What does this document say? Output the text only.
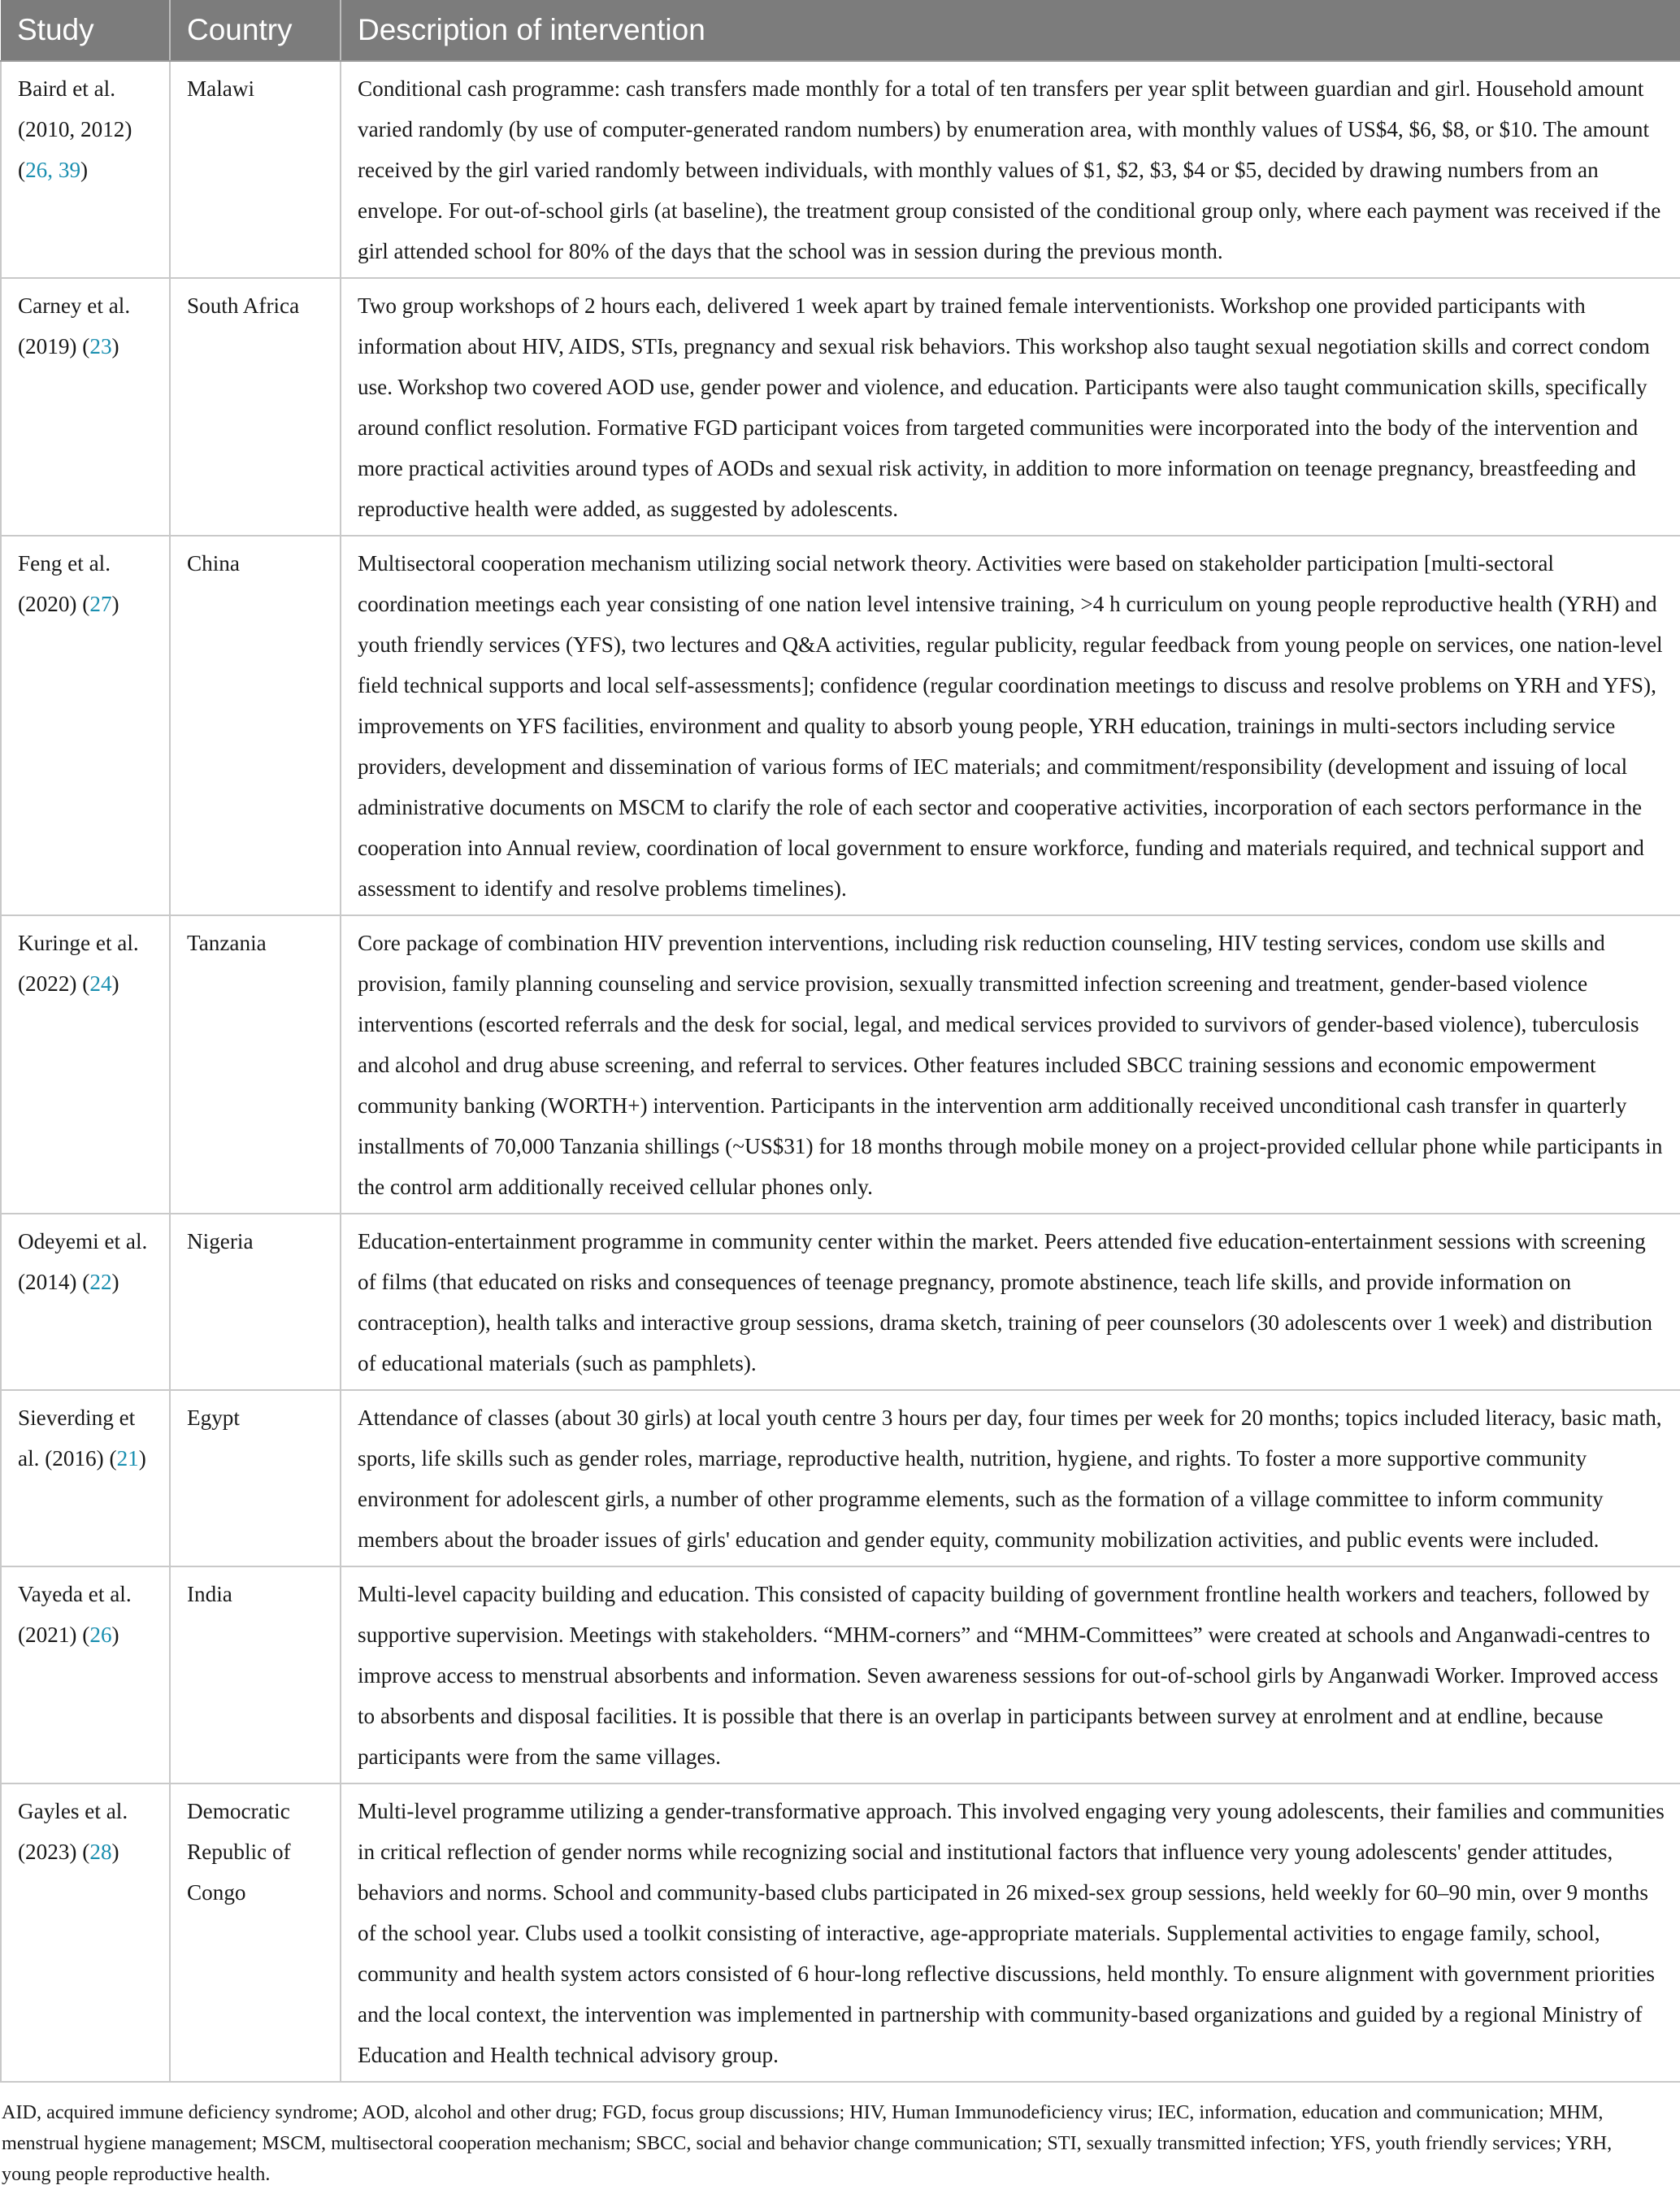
Study	Country	Description of intervention
Baird et al. (2010, 2012) (26, 39)	Malawi	Conditional cash programme: cash transfers made monthly for a total of ten transfers per year split between guardian and girl. Household amount varied randomly (by use of computer-generated random numbers) by enumeration area, with monthly values of US$4, $6, $8, or $10. The amount received by the girl varied randomly between individuals, with monthly values of $1, $2, $3, $4 or $5, decided by drawing numbers from an envelope. For out-of-school girls (at baseline), the treatment group consisted of the conditional group only, where each payment was received if the girl attended school for 80% of the days that the school was in session during the previous month.
Carney et al. (2019) (23)	South Africa	Two group workshops of 2 hours each, delivered 1 week apart by trained female interventionists. Workshop one provided participants with information about HIV, AIDS, STIs, pregnancy and sexual risk behaviors. This workshop also taught sexual negotiation skills and correct condom use. Workshop two covered AOD use, gender power and violence, and education. Participants were also taught communication skills, specifically around conflict resolution. Formative FGD participant voices from targeted communities were incorporated into the body of the intervention and more practical activities around types of AODs and sexual risk activity, in addition to more information on teenage pregnancy, breastfeeding and reproductive health were added, as suggested by adolescents.
Feng et al. (2020) (27)	China	Multisectoral cooperation mechanism utilizing social network theory. Activities were based on stakeholder participation [multi-sectoral coordination meetings each year consisting of one nation level intensive training, >4 h curriculum on young people reproductive health (YRH) and youth friendly services (YFS), two lectures and Q&A activities, regular publicity, regular feedback from young people on services, one nation-level field technical supports and local self-assessments]; confidence (regular coordination meetings to discuss and resolve problems on YRH and YFS), improvements on YFS facilities, environment and quality to absorb young people, YRH education, trainings in multi-sectors including service providers, development and dissemination of various forms of IEC materials; and commitment/responsibility (development and issuing of local administrative documents on MSCM to clarify the role of each sector and cooperative activities, incorporation of each sectors performance in the cooperation into Annual review, coordination of local government to ensure workforce, funding and materials required, and technical support and assessment to identify and resolve problems timelines).
Kuringe et al. (2022) (24)	Tanzania	Core package of combination HIV prevention interventions, including risk reduction counseling, HIV testing services, condom use skills and provision, family planning counseling and service provision, sexually transmitted infection screening and treatment, gender-based violence interventions (escorted referrals and the desk for social, legal, and medical services provided to survivors of gender-based violence), tuberculosis and alcohol and drug abuse screening, and referral to services. Other features included SBCC training sessions and economic empowerment community banking (WORTH+) intervention. Participants in the intervention arm additionally received unconditional cash transfer in quarterly installments of 70,000 Tanzania shillings (~US$31) for 18 months through mobile money on a project-provided cellular phone while participants in the control arm additionally received cellular phones only.
Odeyemi et al. (2014) (22)	Nigeria	Education-entertainment programme in community center within the market. Peers attended five education-entertainment sessions with screening of films (that educated on risks and consequences of teenage pregnancy, promote abstinence, teach life skills, and provide information on contraception), health talks and interactive group sessions, drama sketch, training of peer counselors (30 adolescents over 1 week) and distribution of educational materials (such as pamphlets).
Sieverding et al. (2016) (21)	Egypt	Attendance of classes (about 30 girls) at local youth centre 3 hours per day, four times per week for 20 months; topics included literacy, basic math, sports, life skills such as gender roles, marriage, reproductive health, nutrition, hygiene, and rights. To foster a more supportive community environment for adolescent girls, a number of other programme elements, such as the formation of a village committee to inform community members about the broader issues of girls' education and gender equity, community mobilization activities, and public events were included.
Vayeda et al. (2021) (26)	India	Multi-level capacity building and education. This consisted of capacity building of government frontline health workers and teachers, followed by supportive supervision. Meetings with stakeholders. “MHM-corners” and “MHM-Committees” were created at schools and Anganwadi-centres to improve access to menstrual absorbents and information. Seven awareness sessions for out-of-school girls by Anganwadi Worker. Improved access to absorbents and disposal facilities. It is possible that there is an overlap in participants between survey at enrolment and at endline, because participants were from the same villages.
Gayles et al. (2023) (28)	Democratic Republic of Congo	Multi-level programme utilizing a gender-transformative approach. This involved engaging very young adolescents, their families and communities in critical reflection of gender norms while recognizing social and institutional factors that influence very young adolescents' gender attitudes, behaviors and norms. School and community-based clubs participated in 26 mixed-sex group sessions, held weekly for 60–90 min, over 9 months of the school year. Clubs used a toolkit consisting of interactive, age-appropriate materials. Supplemental activities to engage family, school, community and health system actors consisted of 6 hour-long reflective discussions, held monthly. To ensure alignment with government priorities and the local context, the intervention was implemented in partnership with community-based organizations and guided by a regional Ministry of Education and Health technical advisory group.
AID, acquired immune deficiency syndrome; AOD, alcohol and other drug; FGD, focus group discussions; HIV, Human Immunodeficiency virus; IEC, information, education and communication; MHM, menstrual hygiene management; MSCM, multisectoral cooperation mechanism; SBCC, social and behavior change communication; STI, sexually transmitted infection; YFS, youth friendly services; YRH, young people reproductive health.
